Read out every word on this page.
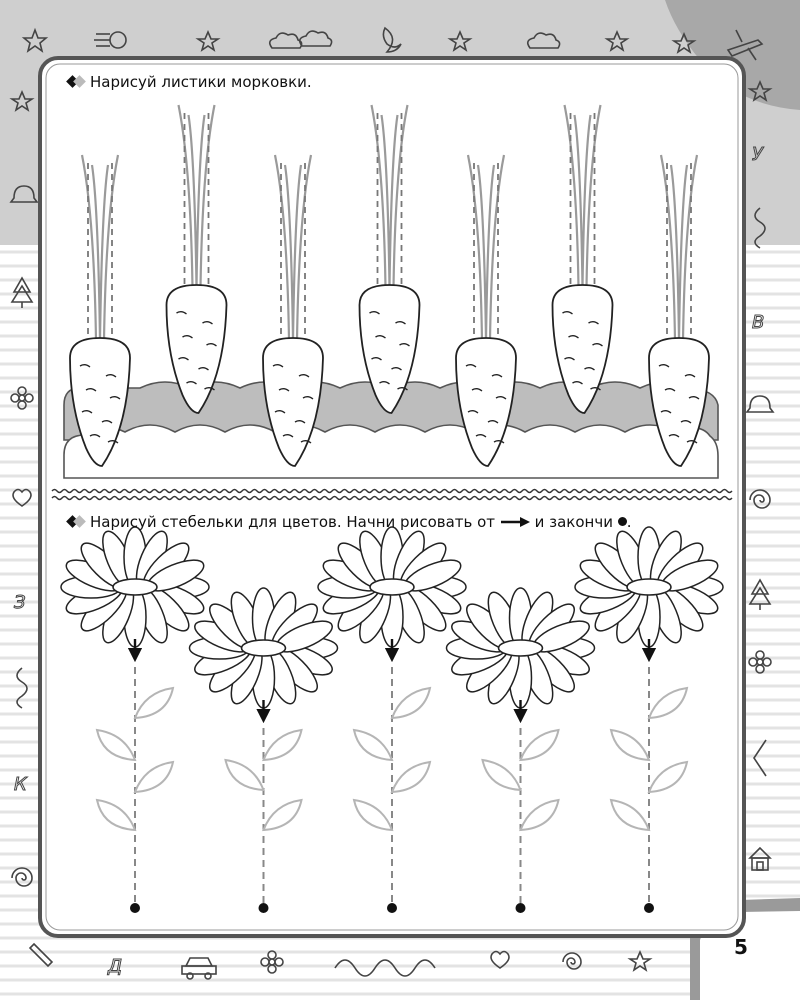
У
В
З
К
Д
Нарисуй листики морковки.
Нарисуй стебельки для цветов. Начни рисовать от	и закончи .
5
